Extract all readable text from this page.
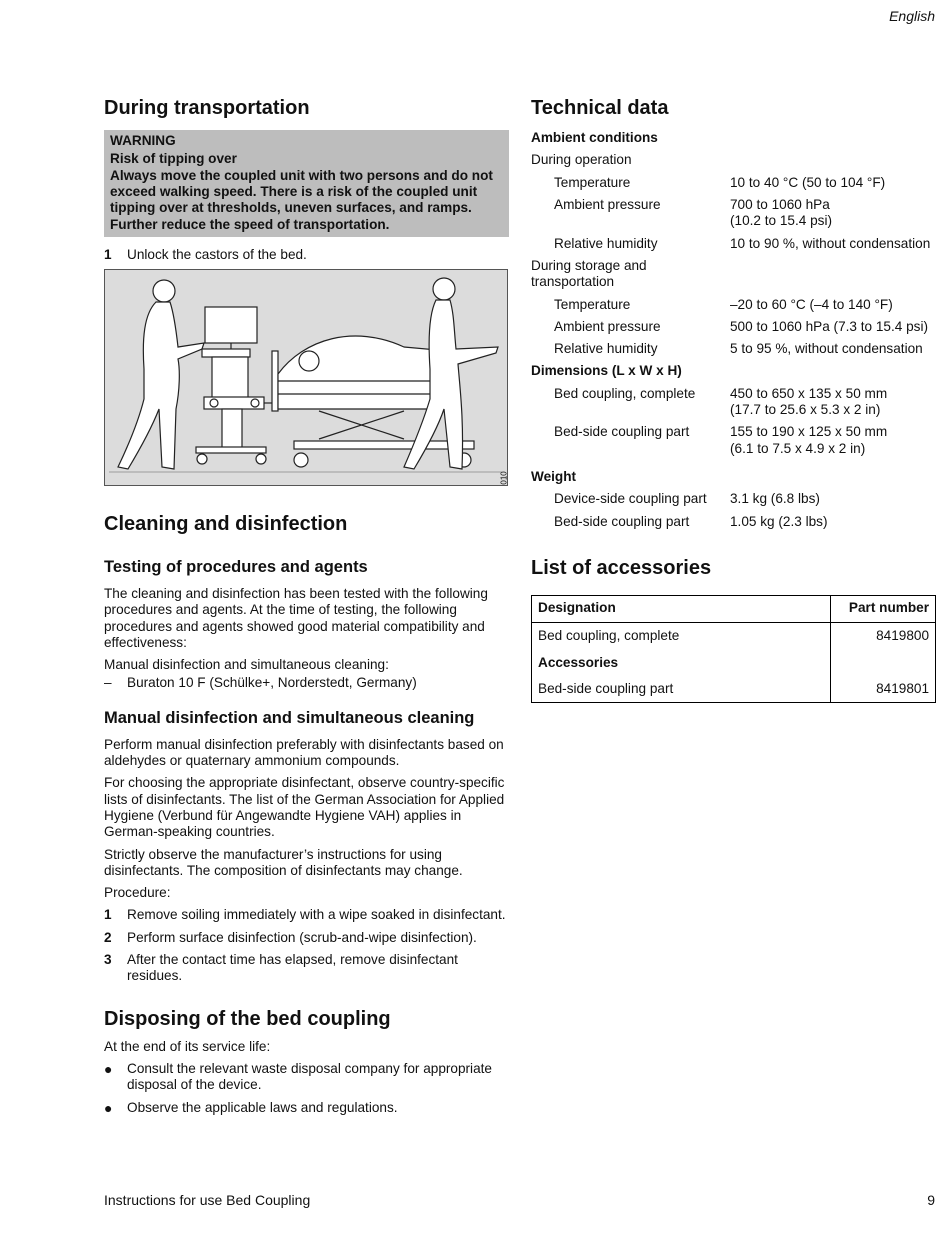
English
During transportation
WARNING
Risk of tipping over
Always move the coupled unit with two persons and do not exceed walking speed. There is a risk of the coupled unit tipping over at thresholds, uneven surfaces, and ramps. Further reduce the speed of transportation.
1	Unlock the castors of the bed.
010
Cleaning and disinfection
Testing of procedures and agents

The cleaning and disinfection has been tested with the following procedures and agents. At the time of testing, the following procedures and agents showed good material compatibility and effectiveness:

Manual disinfection and simultaneous cleaning:

–	Buraton 10 F (Schülke+, Norderstedt, Germany)
Manual disinfection and simultaneous cleaning

Perform manual disinfection preferably with disinfectants based on aldehydes or quaternary ammonium compounds.

For choosing the appropriate disinfectant, observe country-specific lists of disinfectants. The list of the German Association for Applied Hygiene (Verbund für Angewandte Hygiene VAH) applies in German-speaking countries.

Strictly observe the manufacturer’s instructions for using disinfectants. The composition of disinfectants may change.

Procedure:

1	Remove soiling immediately with a wipe soaked in disinfectant.
2	Perform surface disinfection (scrub-and-wipe disinfection).
3	After the contact time has elapsed, remove disinfectant residues.
Disposing of the bed coupling

At the end of its service life:

●	Consult the relevant waste disposal company for appropriate disposal of the device.
●	Observe the applicable laws and regulations.
Technical data
Ambient conditions
During operation
Temperature	10 to 40 °C (50 to 104 °F)
Ambient pressure	700 to 1060 hPa
(10.2 to 15.4 psi)
Relative humidity	10 to 90 %, without condensation
During storage and transportation
Temperature	–20 to 60 °C (–4 to 140 °F)
Ambient pressure	500 to 1060 hPa (7.3 to 15.4 psi)
Relative humidity	5 to 95 %, without condensation
Dimensions (L x W x H)
Bed coupling, complete	450 to 650 x 135 x 50 mm
(17.7 to 25.6 x 5.3 x 2 in)
Bed-side coupling part	155 to 190 x 125 x 50 mm
(6.1 to 7.5 x 4.9 x 2 in)
Weight
Device-side coupling part	3.1 kg (6.8 lbs)
Bed-side coupling part	1.05 kg (2.3 lbs)
List of accessories
Designation	Part number
Bed coupling, complete	8419800
Accessories	
Bed-side coupling part	8419801
Instructions for use Bed Coupling	9
